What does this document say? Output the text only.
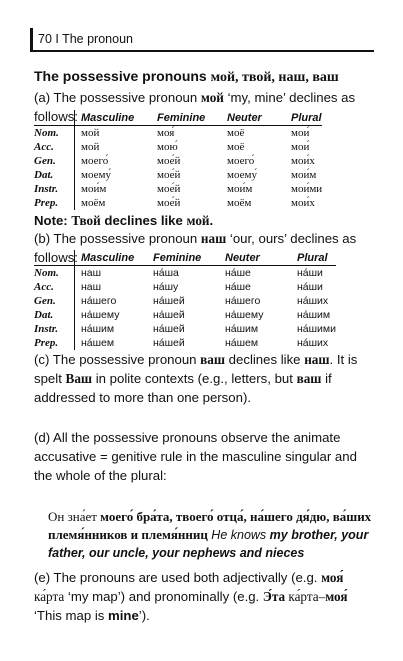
70 I The pronoun
The possessive pronouns мой, твой, наш, ваш
(a) The possessive pronoun мой ‘my, mine’ declines as follows:
	Masculine	Feminine	Neuter	Plural
Nom.	мой	моя́	моё	мои́
Acc.	мой	мою́	моё	мои́
Gen.	моего́	мое́й	моего́	мои́х
Dat.	моему́	мое́й	моему́	мои́м
Instr.	мои́м	мое́й	мои́м	мои́ми
Prep.	моём	мое́й	моём	мои́х
Note: Твой declines like мой.
(b) The possessive pronoun наш ‘our, ours’ declines as follows:
	Masculine	Feminine	Neuter	Plural
Nom.	наш	на́ша	на́ше	на́ши
Acc.	наш	на́шу	на́ше	на́ши
Gen.	на́шего	на́шей	на́шего	на́ших
Dat.	на́шему	на́шей	на́шему	на́шим
Instr.	на́шим	на́шей	на́шим	на́шими
Prep.	на́шем	на́шей	на́шем	на́ших
(c) The possessive pronoun ваш declines like наш. It is spelt Ваш in polite contexts (e.g., letters, but ваш if addressed to more than one person).
(d) All the possessive pronouns observe the animate accusative = genitive rule in the masculine singular and the whole of the plural:
Он зна́ет моего́ бра́та, твоего́ отца́, на́шего дя́дю, ва́ших племя́нников и племя́нниц He knows my brother, your father, our uncle, your nephews and nieces
(e) The pronouns are used both adjectivally (e.g. моя́ ка́рта ‘my map’) and pronominally (e.g. Э́та ка́рта–моя́ ‘This map is mine’).
